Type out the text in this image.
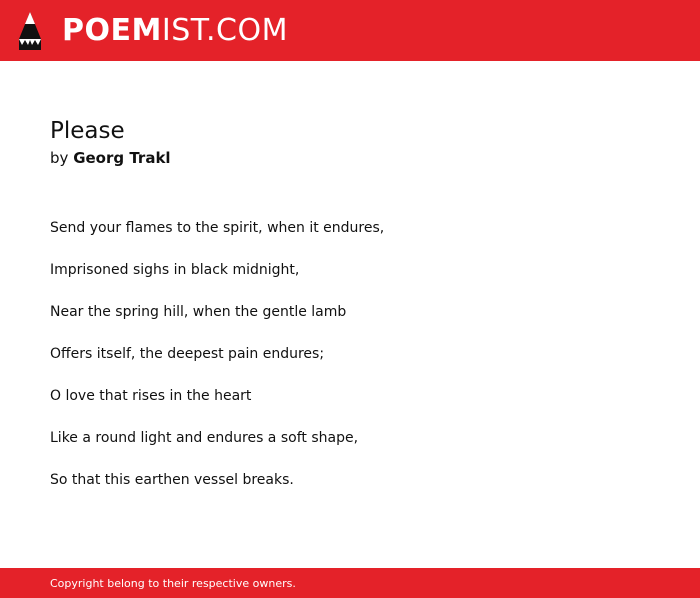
POEMIST.COM
Please
by Georg Trakl
Send your flames to the spirit, when it endures,
Imprisoned sighs in black midnight,
Near the spring hill, when the gentle lamb
Offers itself, the deepest pain endures;
O love that rises in the heart
Like a round light and endures a soft shape,
So that this earthen vessel breaks.
Copyright belong to their respective owners.
